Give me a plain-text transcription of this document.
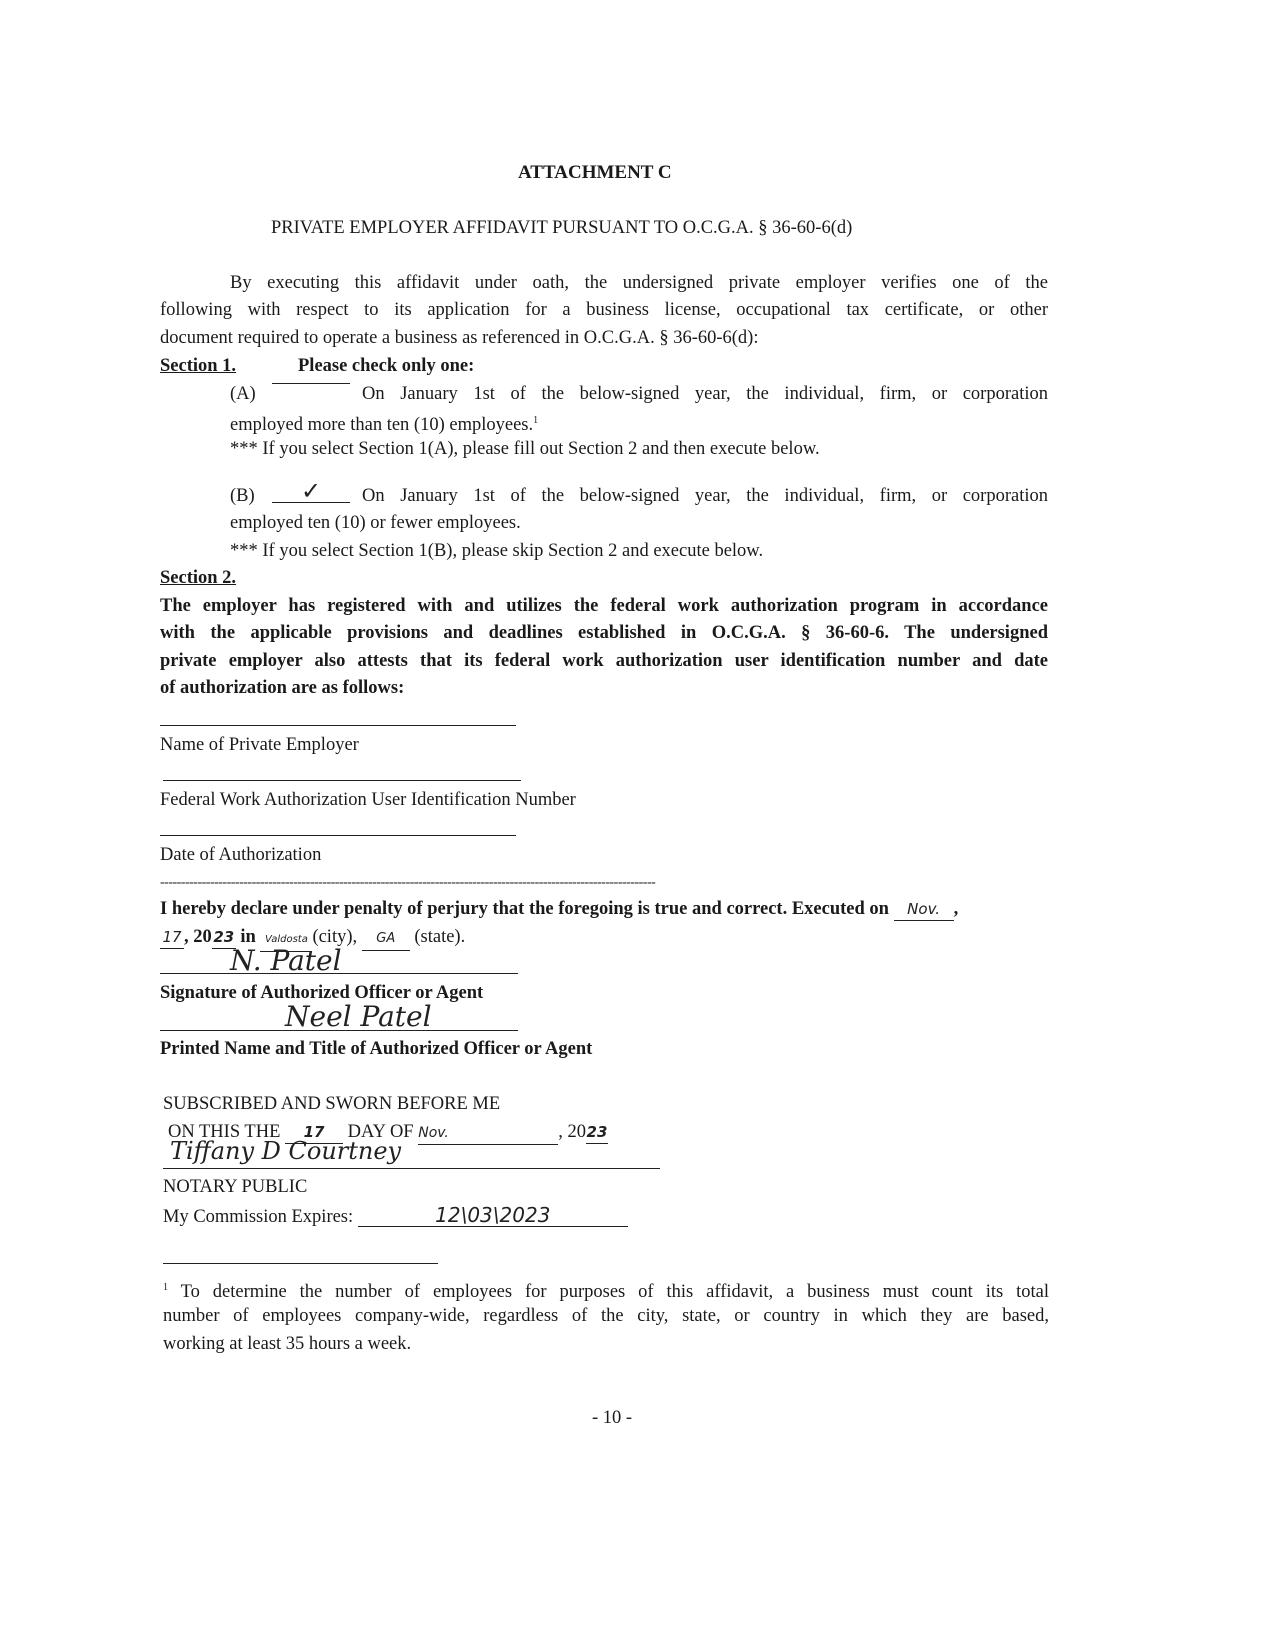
ATTACHMENT C
PRIVATE EMPLOYER AFFIDAVIT PURSUANT TO O.C.G.A. § 36-60-6(d)
By executing this affidavit under oath, the undersigned private employer verifies one of the
following with respect to its application for a business license, occupational tax certificate, or other
document required to operate a business as referenced in O.C.G.A. § 36-60-6(d):
Section 1.	Please check only one:
(A)	On January 1st of the below-signed year, the individual, firm, or corporation
employed more than ten (10) employees.$^1$
*** If you select Section 1(A), please fill out Section 2 and then execute below.
(B)	✓	On January 1st of the below-signed year, the individual, firm, or corporation
employed ten (10) or fewer employees.
*** If you select Section 1(B), please skip Section 2 and execute below.
Section 2.
The employer has registered with and utilizes the federal work authorization program in accordance
with the applicable provisions and deadlines established in O.C.G.A. § 36-60-6. The undersigned
private employer also attests that its federal work authorization user identification number and date
of authorization are as follows:
Name of Private Employer
Federal Work Authorization User Identification Number
Date of Authorization
-----------------------------------------------------------------------------------------------------------------------
I hereby declare under penalty of perjury that the foregoing is true and correct. Executed on Nov. ,
17 , 20 23 in Valdosta (city), GA (state).
N. Patel
Signature of Authorized Officer or Agent
Neel Patel
Printed Name and Title of Authorized Officer or Agent
SUBSCRIBED AND SWORN BEFORE ME
ON THIS THE 17 DAY OF Nov.	, 2023
Tiffany D Courtney
NOTARY PUBLIC
My Commission Expires:	12\03\2023
$^1$ To determine the number of employees for purposes of this affidavit, a business must count its total
number of employees company-wide, regardless of the city, state, or country in which they are based,
working at least 35 hours a week.
- 10 -
